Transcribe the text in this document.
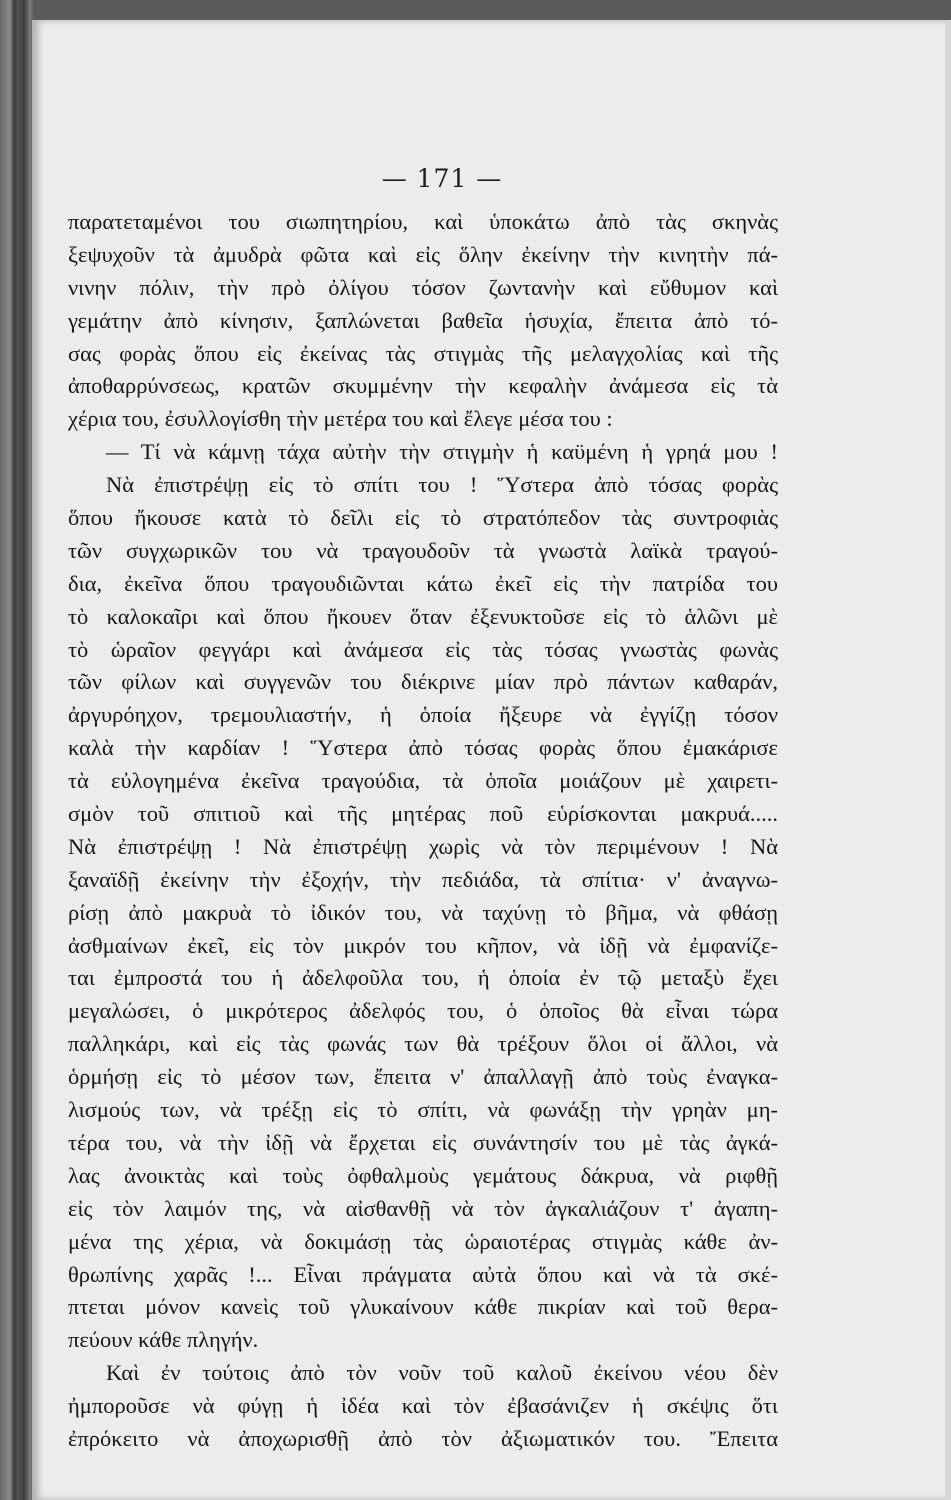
— 171 —
παρατεταμένοι του σιωπητηρίου, καὶ ὑποκάτω ἀπὸ τὰς σκηνὰς
ξεψυχοῦν τὰ ἀμυδρὰ φῶτα καὶ εἰς ὅλην ἐκείνην τὴν κινητὴν πά-
νινην πόλιν, τὴν πρὸ ὀλίγου τόσον ζωντανὴν καὶ εὔθυμον καὶ
γεμάτην ἀπὸ κίνησιν, ξαπλώνεται βαθεῖα ἡσυχία, ἔπειτα ἀπὸ τό-
σας φορὰς ὅπου εἰς ἐκείνας τὰς στιγμὰς τῆς μελαγχολίας καὶ τῆς
ἀποθαρρύνσεως, κρατῶν σκυμμένην τὴν κεφαλὴν ἀνάμεσα εἰς τὰ
χέρια του, ἐσυλλογίσθη τὴν μετέρα του καὶ ἔλεγε μέσα του :
— Τί νὰ κάμνῃ τάχα αὐτὴν τὴν στιγμὴν ἡ καϋμένη ἡ γρηά μου !
Νὰ ἐπιστρέψῃ εἰς τὸ σπίτι του ! Ὕστερα ἀπὸ τόσας φορὰς
ὅπου ἤκουσε κατὰ τὸ δεῖλι εἰς τὸ στρατόπεδον τὰς συντροφιὰς
τῶν συγχωρικῶν του νὰ τραγουδοῦν τὰ γνωστὰ λαϊκὰ τραγού-
δια, ἐκεῖνα ὅπου τραγουδιῶνται κάτω ἐκεῖ εἰς τὴν πατρίδα του
τὸ καλοκαῖρι καὶ ὅπου ἤκουεν ὅταν ἐξενυκτοῦσε εἰς τὸ ἁλῶνι μὲ
τὸ ὡραῖον φεγγάρι καὶ ἀνάμεσα εἰς τὰς τόσας γνωστὰς φωνὰς
τῶν φίλων καὶ συγγενῶν του διέκρινε μίαν πρὸ πάντων καθαράν,
ἀργυρόηχον, τρεμουλιαστήν, ἡ ὁποία ἤξευρε νὰ ἐγγίζῃ τόσον
καλὰ τὴν καρδίαν ! Ὕστερα ἀπὸ τόσας φορὰς ὅπου ἐμακάρισε
τὰ εὐλογημένα ἐκεῖνα τραγούδια, τὰ ὁποῖα μοιάζουν μὲ χαιρετι-
σμὸν τοῦ σπιτιοῦ καὶ τῆς μητέρας ποῦ εὑρίσκονται μακρυά.....
Νὰ ἐπιστρέψῃ ! Νὰ ἐπιστρέψῃ χωρὶς νὰ τὸν περιμένουν ! Νὰ
ξαναϊδῇ ἐκείνην τὴν ἐξοχήν, τὴν πεδιάδα, τὰ σπίτια· ν' ἀναγνω-
ρίσῃ ἀπὸ μακρυὰ τὸ ἰδικόν του, νὰ ταχύνῃ τὸ βῆμα, νὰ φθάσῃ
ἀσθμαίνων ἐκεῖ, εἰς τὸν μικρόν του κῆπον, νὰ ἰδῇ νὰ ἐμφανίζε-
ται ἐμπροστά του ἡ ἀδελφοῦλα του, ἡ ὁποία ἐν τῷ μεταξὺ ἔχει
μεγαλώσει, ὁ μικρότερος ἀδελφός του, ὁ ὁποῖος θὰ εἶναι τώρα
παλληκάρι, καὶ εἰς τὰς φωνάς των θὰ τρέξουν ὅλοι οἱ ἄλλοι, νὰ
ὁρμήσῃ εἰς τὸ μέσον των, ἔπειτα ν' ἀπαλλαγῇ ἀπὸ τοὺς ἐναγκα-
λισμούς των, νὰ τρέξῃ εἰς τὸ σπίτι, νὰ φωνάξῃ τὴν γρηὰν μη-
τέρα του, νὰ τὴν ἰδῇ νὰ ἔρχεται εἰς συνάντησίν του μὲ τὰς ἀγκά-
λας ἀνοικτὰς καὶ τοὺς ὀφθαλμοὺς γεμάτους δάκρυα, νὰ ριφθῇ
εἰς τὸν λαιμόν της, νὰ αἰσθανθῇ νὰ τὸν ἀγκαλιάζουν τ' ἀγαπη-
μένα της χέρια, νὰ δοκιμάσῃ τὰς ὡραιοτέρας στιγμὰς κάθε ἀν-
θρωπίνης χαρᾶς !... Εἶναι πράγματα αὐτὰ ὅπου καὶ νὰ τὰ σκέ-
πτεται μόνον κανεὶς τοῦ γλυκαίνουν κάθε πικρίαν καὶ τοῦ θερα-
πεύουν κάθε πληγήν.
Καὶ ἐν τούτοις ἀπὸ τὸν νοῦν τοῦ καλοῦ ἐκείνου νέου δὲν
ἠμποροῦσε νὰ φύγῃ ἡ ἰδέα καὶ τὸν ἐβασάνιζεν ἡ σκέψις ὅτι
ἐπρόκειτο νὰ ἀποχωρισθῇ ἀπὸ τὸν ἀξιωματικόν του. Ἔπειτα
